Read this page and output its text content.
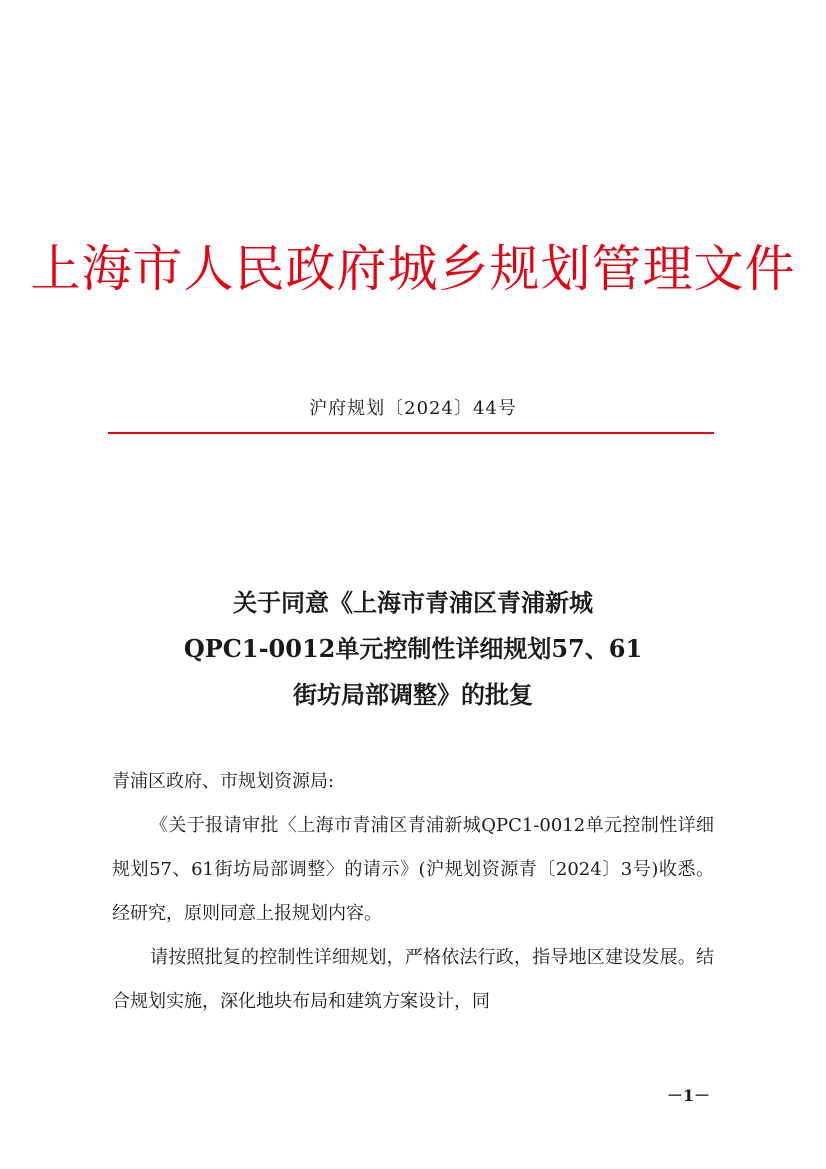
上海市人民政府城乡规划管理文件
沪府规划〔2024〕44号
关于同意《上海市青浦区青浦新城
QPC1-0012单元控制性详细规划57、61
街坊局部调整》的批复

青浦区政府、市规划资源局:

《关于报请审批〈上海市青浦区青浦新城QPC1-0012单元控制性详细规划57、61街坊局部调整〉的请示》(沪规划资源青〔2024〕3号)收悉。经研究，原则同意上报规划内容。

请按照批复的控制性详细规划，严格依法行政，指导地区建设发展。结合规划实施，深化地块布局和建筑方案设计，同

－1－
